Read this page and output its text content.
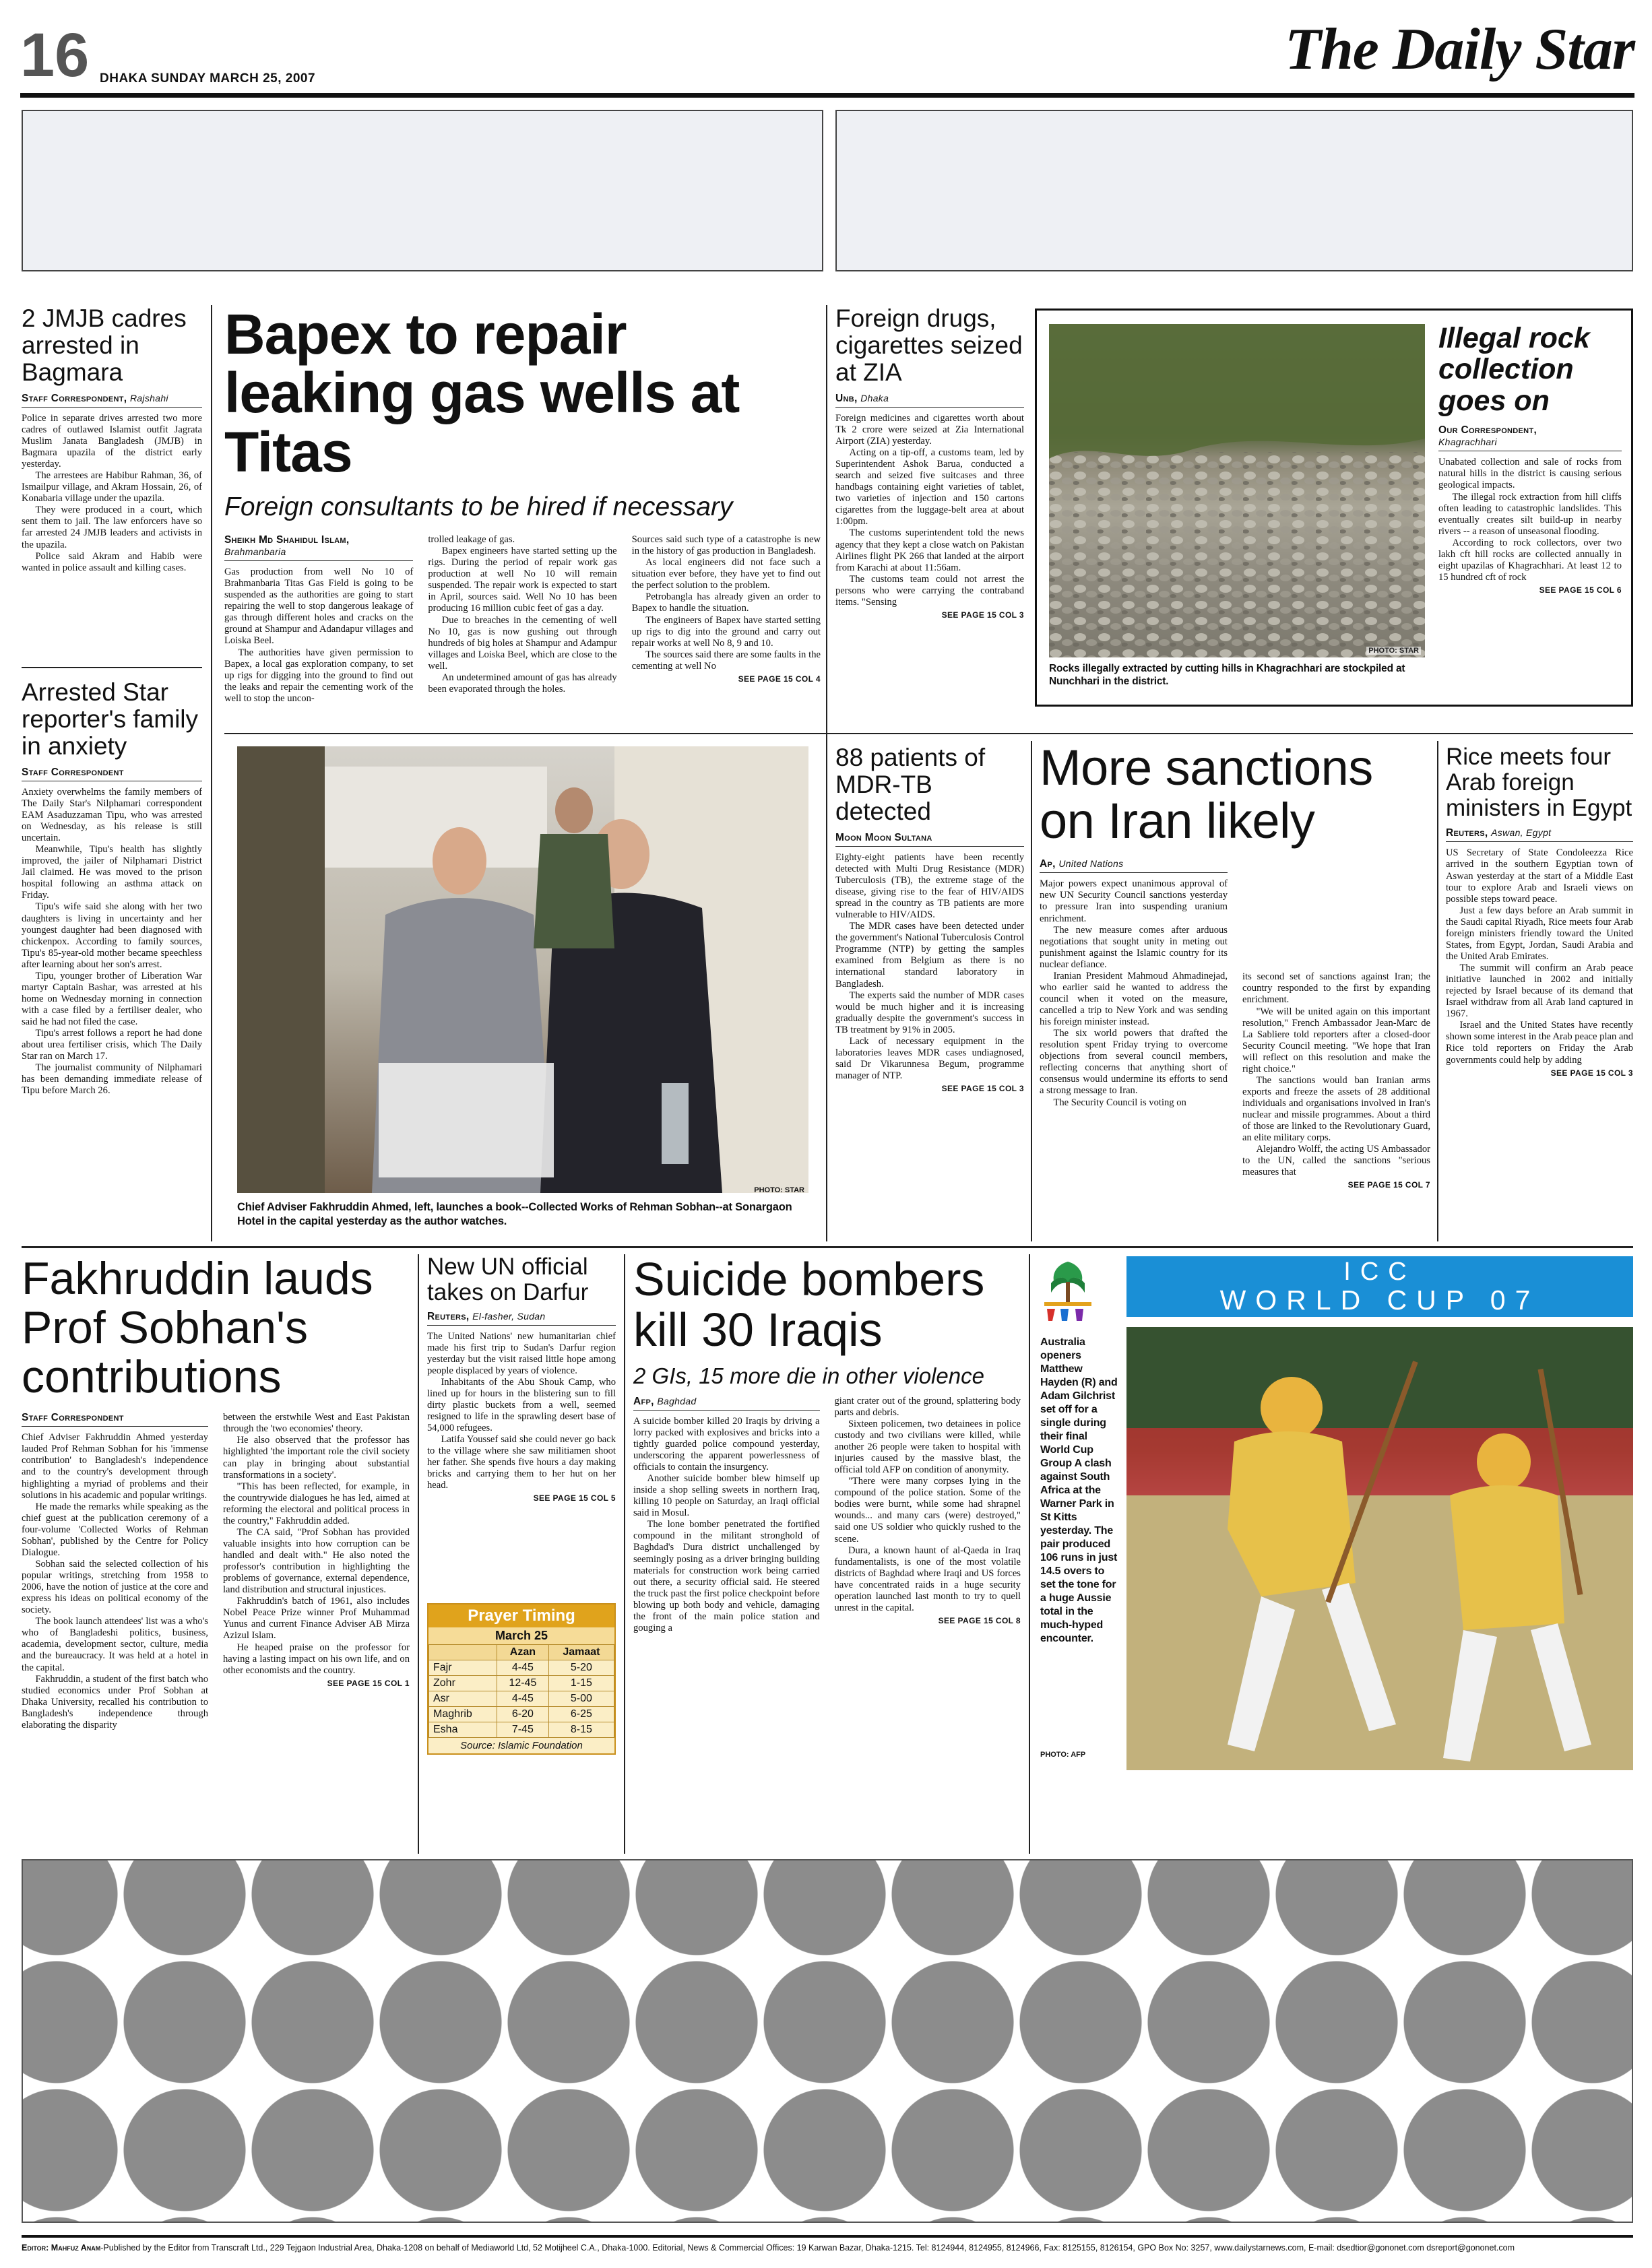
16 DHAKA SUNDAY MARCH 25, 2007	The Daily Star
2 JMJB cadres arrested in Bagmara
Staff Correspondent, Rajshahi

Police in separate drives arrested two more cadres of outlawed Islamist outfit Jagrata Muslim Janata Bangladesh (JMJB) in Bagmara upazila of the district early yesterday.

The arrestees are Habibur Rahman, 36, of Ismailpur village, and Akram Hossain, 26, of Konabaria village under the upazila.

They were produced in a court, which sent them to jail. The law enforcers have so far arrested 24 JMJB leaders and activists in the upazila.

Police said Akram and Habib were wanted in police assault and killing cases.

Arrested Star reporter's family in anxiety
Staff Correspondent

Anxiety overwhelms the family members of The Daily Star's Nilphamari correspondent EAM Asaduzzaman Tipu, who was arrested on Wednesday, as his release is still uncertain.

Meanwhile, Tipu's health has slightly improved, the jailer of Nilphamari District Jail claimed. He was moved to the prison hospital following an asthma attack on Friday.

Tipu's wife said she along with her two daughters is living in uncertainty and her youngest daughter had been diagnosed with chickenpox. According to family sources, Tipu's 85-year-old mother became speechless after learning about her son's arrest.

Tipu, younger brother of Liberation War martyr Captain Bashar, was arrested at his home on Wednesday morning in connection with a case filed by a fertiliser dealer, who said he had not filed the case.

Tipu's arrest follows a report he had done about urea fertiliser crisis, which The Daily Star ran on March 17.

The journalist community of Nilphamari has been demanding immediate release of Tipu before March 26.

Bapex to repair leaking gas wells at Titas
Foreign consultants to be hired if necessary
Sheikh Md Shahidul Islam,
Brahmanbaria

Gas production from well No 10 of Brahmanbaria Titas Gas Field is going to be suspended as the authorities are going to start repairing the well to stop dangerous leakage of gas through different holes and cracks on the ground at Shampur and Adandapur villages and Loiska Beel.

The authorities have given permission to Bapex, a local gas exploration company, to set up rigs for digging into the ground to find out the leaks and repair the cementing work of the well to stop the uncon-

trolled leakage of gas.

Bapex engineers have started setting up the rigs. During the period of repair work gas production at well No 10 will remain suspended. The repair work is expected to start in April, sources said. Well No 10 has been producing 16 million cubic feet of gas a day.

Due to breaches in the cementing of well No 10, gas is now gushing out through hundreds of big holes at Shampur and Adampur villages and Loiska Beel, which are close to the well.

An undetermined amount of gas has already been evaporated through the holes.

Sources said such type of a catastrophe is new in the history of gas production in Bangladesh.

As local engineers did not face such a situation ever before, they have yet to find out the perfect solution to the problem.

Petrobangla has already given an order to Bapex to handle the situation.

The engineers of Bapex have started setting up rigs to dig into the ground and carry out repair works at well No 8, 9 and 10.

The sources said there are some faults in the cementing at well No

SEE PAGE 15 COL 4
Foreign drugs, cigarettes seized at ZIA
Unb, Dhaka

Foreign medicines and cigarettes worth about Tk 2 crore were seized at Zia International Airport (ZIA) yesterday.

Acting on a tip-off, a customs team, led by Superintendent Ashok Barua, conducted a search and seized five suitcases and three handbags containing eight varieties of tablet, two varieties of injection and 150 cartons cigarettes from the luggage-belt area at about 1:00pm.

The customs superintendent told the news agency that they kept a close watch on Pakistan Airlines flight PK 266 that landed at the airport from Karachi at about 11:56am.

The customs team could not arrest the persons who were carrying the contraband items. "Sensing

SEE PAGE 15 COL 3
PHOTO: STAR
Rocks illegally extracted by cutting hills in Khagrachhari are stockpiled at Nunchhari in the district.
Illegal rock collection goes on
Our Correspondent,
Khagrachhari

Unabated collection and sale of rocks from natural hills in the district is causing serious geological impacts.

The illegal rock extraction from hill cliffs often leading to catastrophic landslides. This eventually creates silt build-up in nearby rivers -- a reason of unseasonal flooding.

According to rock collectors, over two lakh cft hill rocks are collected annually in eight upazilas of Khagrachhari. At least 12 to 15 hundred cft of rock

SEE PAGE 15 COL 6
PHOTO: STAR
Chief Adviser Fakhruddin Ahmed, left, launches a book--Collected Works of Rehman Sobhan--at Sonargaon Hotel in the capital yesterday as the author watches.
88 patients of MDR-TB detected
Moon Moon Sultana

Eighty-eight patients have been recently detected with Multi Drug Resistance (MDR) Tuberculosis (TB), the extreme stage of the disease, giving rise to the fear of HIV/AIDS spread in the country as TB patients are more vulnerable to HIV/AIDS.

The MDR cases have been detected under the government's National Tuberculosis Control Programme (NTP) by getting the samples examined from Belgium as there is no international standard laboratory in Bangladesh.

The experts said the number of MDR cases would be much higher and it is increasing gradually despite the government's success in TB treatment by 91% in 2005.

Lack of necessary equipment in the laboratories leaves MDR cases undiagnosed, said Dr Vikarunnesa Begum, programme manager of NTP.

SEE PAGE 15 COL 3
More sanctions on Iran likely
Ap, United Nations

Major powers expect unanimous approval of new UN Security Council sanctions yesterday to pressure Iran into suspending uranium enrichment.

The new measure comes after arduous negotiations that sought unity in meting out punishment against the Islamic country for its nuclear defiance.

Iranian President Mahmoud Ahmadinejad, who earlier said he wanted to address the council when it voted on the measure, cancelled a trip to New York and was sending his foreign minister instead.

The six world powers that drafted the resolution spent Friday trying to overcome objections from several council members, reflecting concerns that anything short of consensus would undermine its efforts to send a strong message to Iran.

The Security Council is voting on

its second set of sanctions against Iran; the country responded to the first by expanding enrichment.

"We will be united again on this important resolution," French Ambassador Jean-Marc de La Sabliere told reporters after a closed-door Security Council meeting. "We hope that Iran will reflect on this resolution and make the right choice."

The sanctions would ban Iranian arms exports and freeze the assets of 28 additional individuals and organisations involved in Iran's nuclear and missile programmes. About a third of those are linked to the Revolutionary Guard, an elite military corps.

Alejandro Wolff, the acting US Ambassador to the UN, called the sanctions "serious measures that

SEE PAGE 15 COL 7
Rice meets four Arab foreign ministers in Egypt
Reuters, Aswan, Egypt

US Secretary of State Condoleezza Rice arrived in the southern Egyptian town of Aswan yesterday at the start of a Middle East tour to explore Arab and Israeli views on possible steps toward peace.

Just a few days before an Arab summit in the Saudi capital Riyadh, Rice meets four Arab foreign ministers friendly toward the United States, from Egypt, Jordan, Saudi Arabia and the United Arab Emirates.

The summit will confirm an Arab peace initiative launched in 2002 and initially rejected by Israel because of its demand that Israel withdraw from all Arab land captured in 1967.

Israel and the United States have recently shown some interest in the Arab peace plan and Rice told reporters on Friday the Arab governments could help by adding

SEE PAGE 15 COL 3
Fakhruddin lauds Prof Sobhan's contributions
Staff Correspondent

Chief Adviser Fakhruddin Ahmed yesterday lauded Prof Rehman Sobhan for his 'immense contribution' to Bangladesh's independence and to the country's development through highlighting a myriad of problems and their solutions in his academic and popular writings.

He made the remarks while speaking as the chief guest at the publication ceremony of a four-volume 'Collected Works of Rehman Sobhan', published by the Centre for Policy Dialogue.

Sobhan said the selected collection of his popular writings, stretching from 1958 to 2006, have the notion of justice at the core and express his ideas on political economy of the society.

The book launch attendees' list was a who's who of Bangladeshi politics, business, academia, development sector, culture, media and the bureaucracy. It was held at a hotel in the capital.

Fakhruddin, a student of the first batch who studied economics under Prof Sobhan at Dhaka University, recalled his contribution to Bangladesh's independence through elaborating the disparity

between the erstwhile West and East Pakistan through the 'two economies' theory.

He also observed that the professor has highlighted 'the important role the civil society can play in bringing about substantial transformations in a society'.

"This has been reflected, for example, in the countrywide dialogues he has led, aimed at reforming the electoral and political process in the country," Fakhruddin added.

The CA said, "Prof Sobhan has provided valuable insights into how corruption can be handled and dealt with." He also noted the professor's contribution in highlighting the problems of governance, external dependence, land distribution and structural injustices.

Fakhruddin's batch of 1961, also includes Nobel Peace Prize winner Prof Muhammad Yunus and current Finance Adviser AB Mirza Azizul Islam.

He heaped praise on the professor for having a lasting impact on his own life, and on other economists and the country.

SEE PAGE 15 COL 1
New UN official takes on Darfur
Reuters, El-fasher, Sudan

The United Nations' new humanitarian chief made his first trip to Sudan's Darfur region yesterday but the visit raised little hope among people displaced by years of violence.

Inhabitants of the Abu Shouk Camp, who lined up for hours in the blistering sun to fill dirty plastic buckets from a well, seemed resigned to life in the sprawling desert base of 54,000 refugees.

Latifa Youssef said she could never go back to the village where she saw militiamen shoot her father. She spends five hours a day making bricks and carrying them to her hut on her head.

SEE PAGE 15 COL 5
Prayer Timing
March 25
	Azan	Jamaat
Fajr	4-45	5-20
Zohr	12-45	1-15
Asr	4-45	5-00
Maghrib	6-20	6-25
Esha	7-45	8-15
Source: Islamic Foundation
Suicide bombers kill 30 Iraqis
2 GIs, 15 more die in other violence
Afp, Baghdad

A suicide bomber killed 20 Iraqis by driving a lorry packed with explosives and bricks into a tightly guarded police compound yesterday, underscoring the apparent powerlessness of officials to contain the insurgency.

Another suicide bomber blew himself up inside a shop selling sweets in northern Iraq, killing 10 people on Saturday, an Iraqi official said in Mosul.

The lone bomber penetrated the fortified compound in the militant stronghold of Baghdad's Dura district unchallenged by seemingly posing as a driver bringing building materials for construction work being carried out there, a security official said. He steered the truck past the first police checkpoint before blowing up both body and vehicle, damaging the front of the main police station and gouging a

giant crater out of the ground, splattering body parts and debris.

Sixteen policemen, two detainees in police custody and two civilians were killed, while another 26 people were taken to hospital with injuries caused by the massive blast, the official told AFP on condition of anonymity.

"There were many corpses lying in the compound of the police station. Some of the bodies were burnt, while some had shrapnel wounds... and many cars (were) destroyed," said one US soldier who quickly rushed to the scene.

Dura, a known haunt of al-Qaeda in Iraq fundamentalists, is one of the most volatile districts of Baghdad where Iraqi and US forces have concentrated raids in a huge security operation launched last month to try to quell unrest in the capital.

SEE PAGE 15 COL 8
ICC
WORLD CUP 07
Australia openers Matthew Hayden (R) and Adam Gilchrist set off for a single during their final World Cup Group A clash against South Africa at the Warner Park in St Kitts yesterday. The pair produced 106 runs in just 14.5 overs to set the tone for a huge Aussie total in the much-hyped encounter.
PHOTO: AFP
Editor: Mahfuz Anam-Published by the Editor from Transcraft Ltd., 229 Tejgaon Industrial Area, Dhaka-1208 on behalf of Mediaworld Ltd, 52 Motijheel C.A., Dhaka-1000. Editorial, News & Commercial Offices: 19 Karwan Bazar, Dhaka-1215. Tel: 8124944, 8124955, 8124966, Fax: 8125155, 8126154, GPO Box No: 3257, www.dailystarnews.com, E-mail: dsedtior@gononet.com dsreport@gononet.com
